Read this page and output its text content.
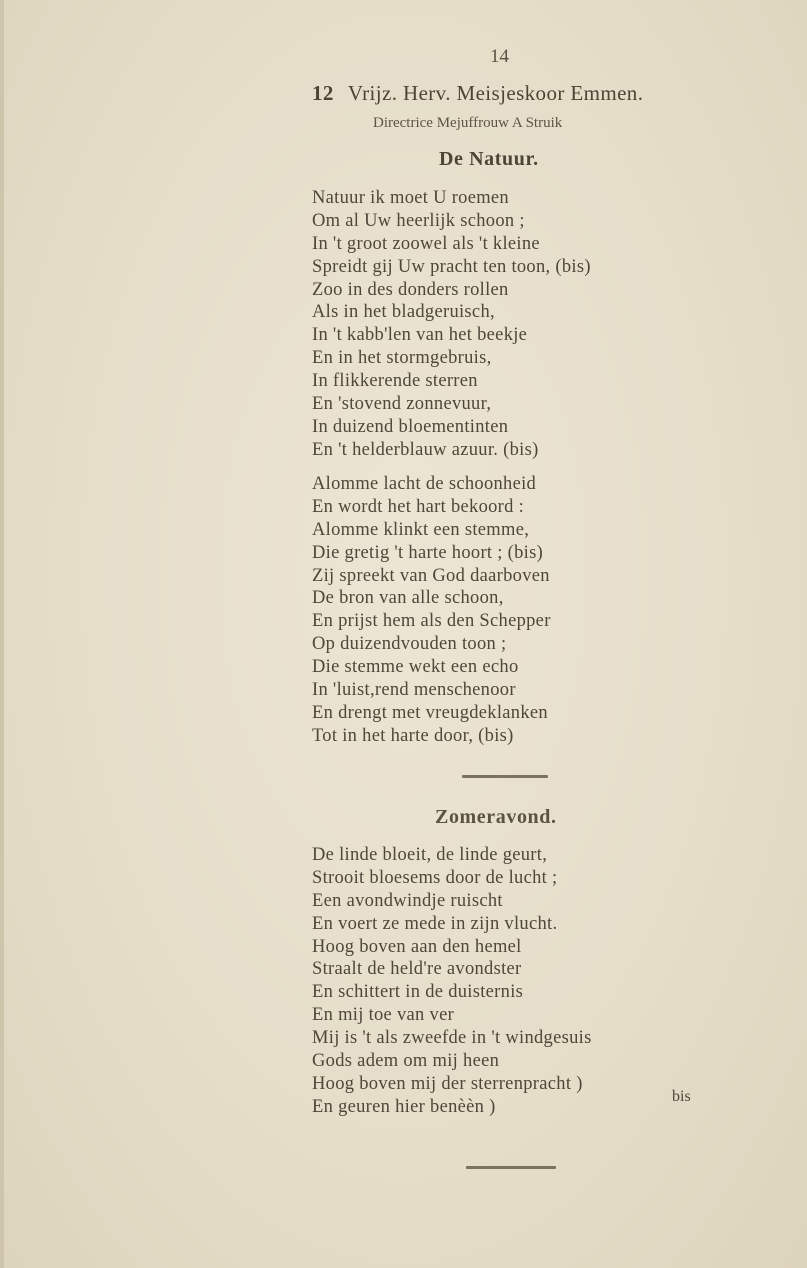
14
12 Vrijz. Herv. Meisjeskoor Emmen.
Directrice Mejuffrouw A Struik
De Natuur.
Natuur ik moet U roemen
Om al Uw heerlijk schoon ;
In 't groot zoowel als 't kleine
Spreidt gij Uw pracht ten toon, (bis)
Zoo in des donders rollen
Als in het bladgeruisch,
In 't kabb'len van het beekje
En in het stormgebruis,
In flikkerende sterren
En 'stovend zonnevuur,
In duizend bloementinten
En 't helderblauw azuur. (bis)
Alomme lacht de schoonheid
En wordt het hart bekoord :
Alomme klinkt een stemme,
Die gretig 't harte hoort ; (bis)
Zij spreekt van God daarboven
De bron van alle schoon,
En prijst hem als den Schepper
Op duizendvouden toon ;
Die stemme wekt een echo
In 'luist,rend menschenoor
En drengt met vreugdeklanken
Tot in het harte door, (bis)
Zomeravond.
De linde bloeit, de linde geurt,
Strooit bloesems door de lucht ;
Een avondwindje ruischt
En voert ze mede in zijn vlucht.
Hoog boven aan den hemel
Straalt de held're avondster
En schittert in de duisternis
En mij toe van ver
Mij is 't als zweefde in 't windgesuis
Gods adem om mij heen
Hoog boven mij der sterrenpracht )
En geuren hier benèèn )
bis
